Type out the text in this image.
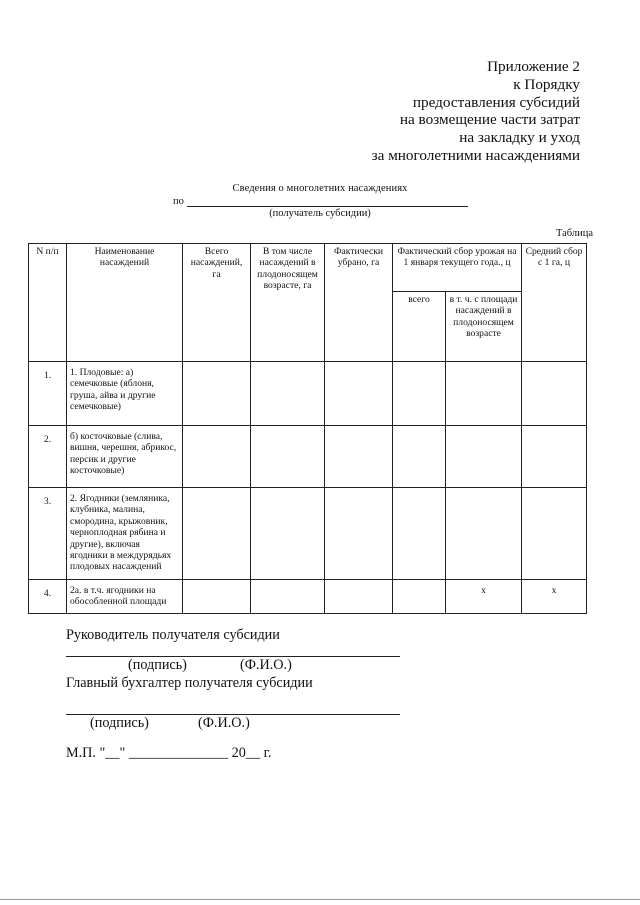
Приложение 2
к Порядку
предоставления субсидий
на возмещение части затрат
на закладку и уход
за многолетними насаждениями
Сведения о многолетних насаждениях
по
(получатель субсидии)
Таблица
N п/п	Наименование насаждений	Всего насаждений, га	В том числе насаждений в плодоносящем возрасте, га	Фактически убрано, га	Фактический сбор урожая на 1 января текущего года., ц		Средний сбор с 1 га, ц
					всего	в т. ч. с площади насаждений в плодоносящем возрасте	
1.	1. Плодовые: а) семечковые (яблоня, груша, айва и другие семечковые)						
2.	б) косточковые (слива, вишня, черешня, абрикос, персик и другие косточковые)						
3.	2. Ягодники (земляника, клубника, малина, смородина, крыжовник, черноплодная рябина и другие), включая ягодники в междурядьях плодовых насаждений						
4.	2а. в т.ч. ягодники на обособленной площади					х	х
Руководитель получателя субсидии
(подпись)	(Ф.И.О.)
Главный бухгалтер получателя субсидии
(подпись)	(Ф.И.О.)
М.П. "__" ______________ 20__ г.
